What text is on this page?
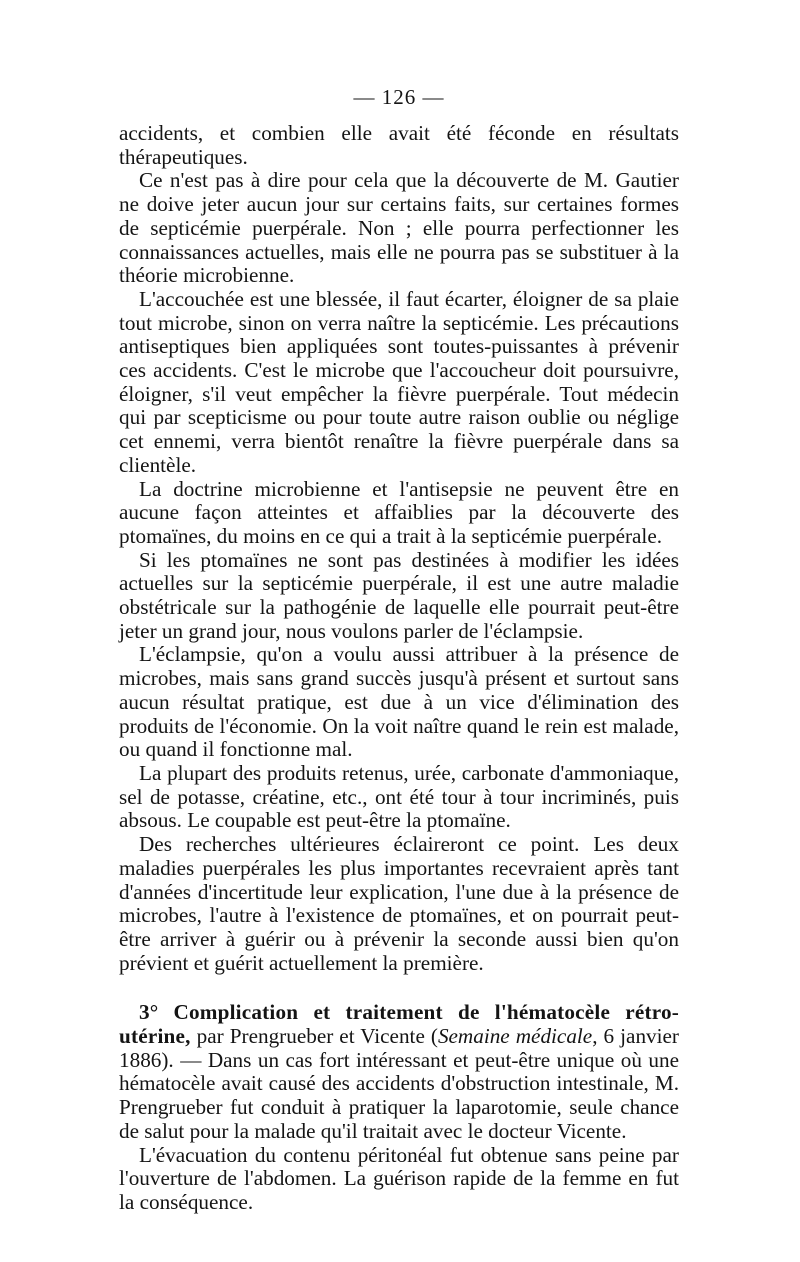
— 126 —

accidents, et combien elle avait été féconde en résultats thérapeutiques.

Ce n'est pas à dire pour cela que la découverte de M. Gautier ne doive jeter aucun jour sur certains faits, sur certaines formes de septicémie puerpérale. Non ; elle pourra perfectionner les connaissances actuelles, mais elle ne pourra pas se substituer à la théorie microbienne.

L'accouchée est une blessée, il faut écarter, éloigner de sa plaie tout microbe, sinon on verra naître la septicémie. Les précautions antiseptiques bien appliquées sont toutes-puissantes à prévenir ces accidents. C'est le microbe que l'accoucheur doit poursuivre, éloigner, s'il veut empêcher la fièvre puerpérale. Tout médecin qui par scepticisme ou pour toute autre raison oublie ou néglige cet ennemi, verra bientôt renaître la fièvre puerpérale dans sa clientèle.

La doctrine microbienne et l'antisepsie ne peuvent être en aucune façon atteintes et affaiblies par la découverte des ptomaïnes, du moins en ce qui a trait à la septicémie puerpérale.

Si les ptomaïnes ne sont pas destinées à modifier les idées actuelles sur la septicémie puerpérale, il est une autre maladie obstétricale sur la pathogénie de laquelle elle pourrait peut-être jeter un grand jour, nous voulons parler de l'éclampsie.

L'éclampsie, qu'on a voulu aussi attribuer à la présence de microbes, mais sans grand succès jusqu'à présent et surtout sans aucun résultat pratique, est due à un vice d'élimination des produits de l'économie. On la voit naître quand le rein est malade, ou quand il fonctionne mal.

La plupart des produits retenus, urée, carbonate d'ammoniaque, sel de potasse, créatine, etc., ont été tour à tour incriminés, puis absous. Le coupable est peut-être la ptomaïne.

Des recherches ultérieures éclaireront ce point. Les deux maladies puerpérales les plus importantes recevraient après tant d'années d'incertitude leur explication, l'une due à la présence de microbes, l'autre à l'existence de ptomaïnes, et on pourrait peut-être arriver à guérir ou à prévenir la seconde aussi bien qu'on prévient et guérit actuellement la première.

3° Complication et traitement de l'hématocèle rétro-utérine, par Prengrueber et Vicente (Semaine médicale, 6 janvier 1886). — Dans un cas fort intéressant et peut-être unique où une hématocèle avait causé des accidents d'obstruction intestinale, M. Prengrueber fut conduit à pratiquer la laparotomie, seule chance de salut pour la malade qu'il traitait avec le docteur Vicente.

L'évacuation du contenu péritonéal fut obtenue sans peine par l'ouverture de l'abdomen. La guérison rapide de la femme en fut la conséquence.
